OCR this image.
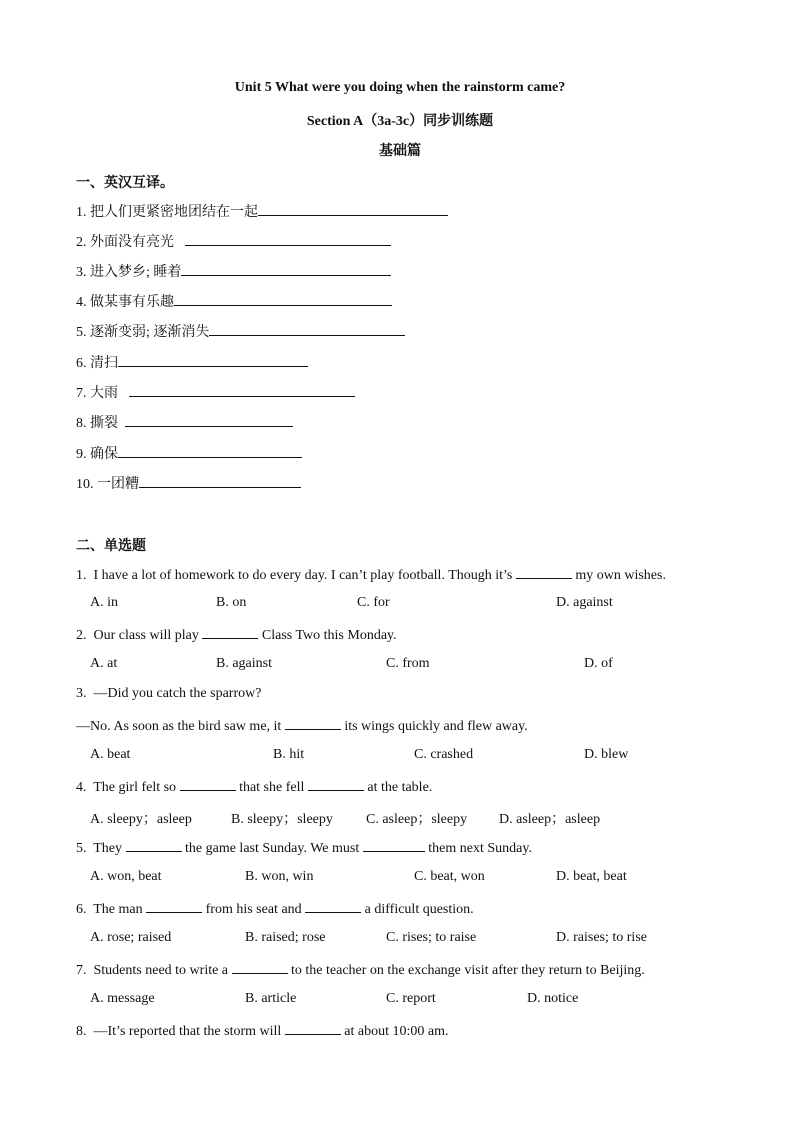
Unit 5 What were you doing when the rainstorm came?
Section A（3a-3c）同步训练题
基础篇
一、英汉互译。
1. 把人们更紧密地团结在一起
2. 外面没有亮光
3. 进入梦乡; 睡着
4. 做某事有乐趣
5. 逐渐变弱; 逐渐消失
6. 清扫
7. 大雨
8. 撕裂
9. 确保
10. 一团糟
二、单选题
1. I have a lot of homework to do every day. I can’t play football. Though it’s	my own wishes.
A. in	B. on	C. for	D. against
2. Our class will play	Class Two this Monday.
A. at	B. against	C. from	D. of
3. —Did you catch the sparrow?
—No. As soon as the bird saw me, it	its wings quickly and flew away.
A. beat	B. hit	C. crashed	D. blew
4. The girl felt so	that she fell	at the table.
A. sleepy；asleep	B. sleepy；sleepy C. asleep；sleepy D. asleep；asleep
5. They	the game last Sunday. We must	them next Sunday.
A. won, beat	B. won, win	C. beat, won	D. beat, beat
6. The man	from his seat and	a difficult question.
A. rose; raised	B. raised; rose	C. rises; to raise	D. raises; to rise
7. Students need to write a	to the teacher on the exchange visit after they return to Beijing.
A. message	B. article	C. report	D. notice
8. —It’s reported that the storm will	at about 10:00 am.
